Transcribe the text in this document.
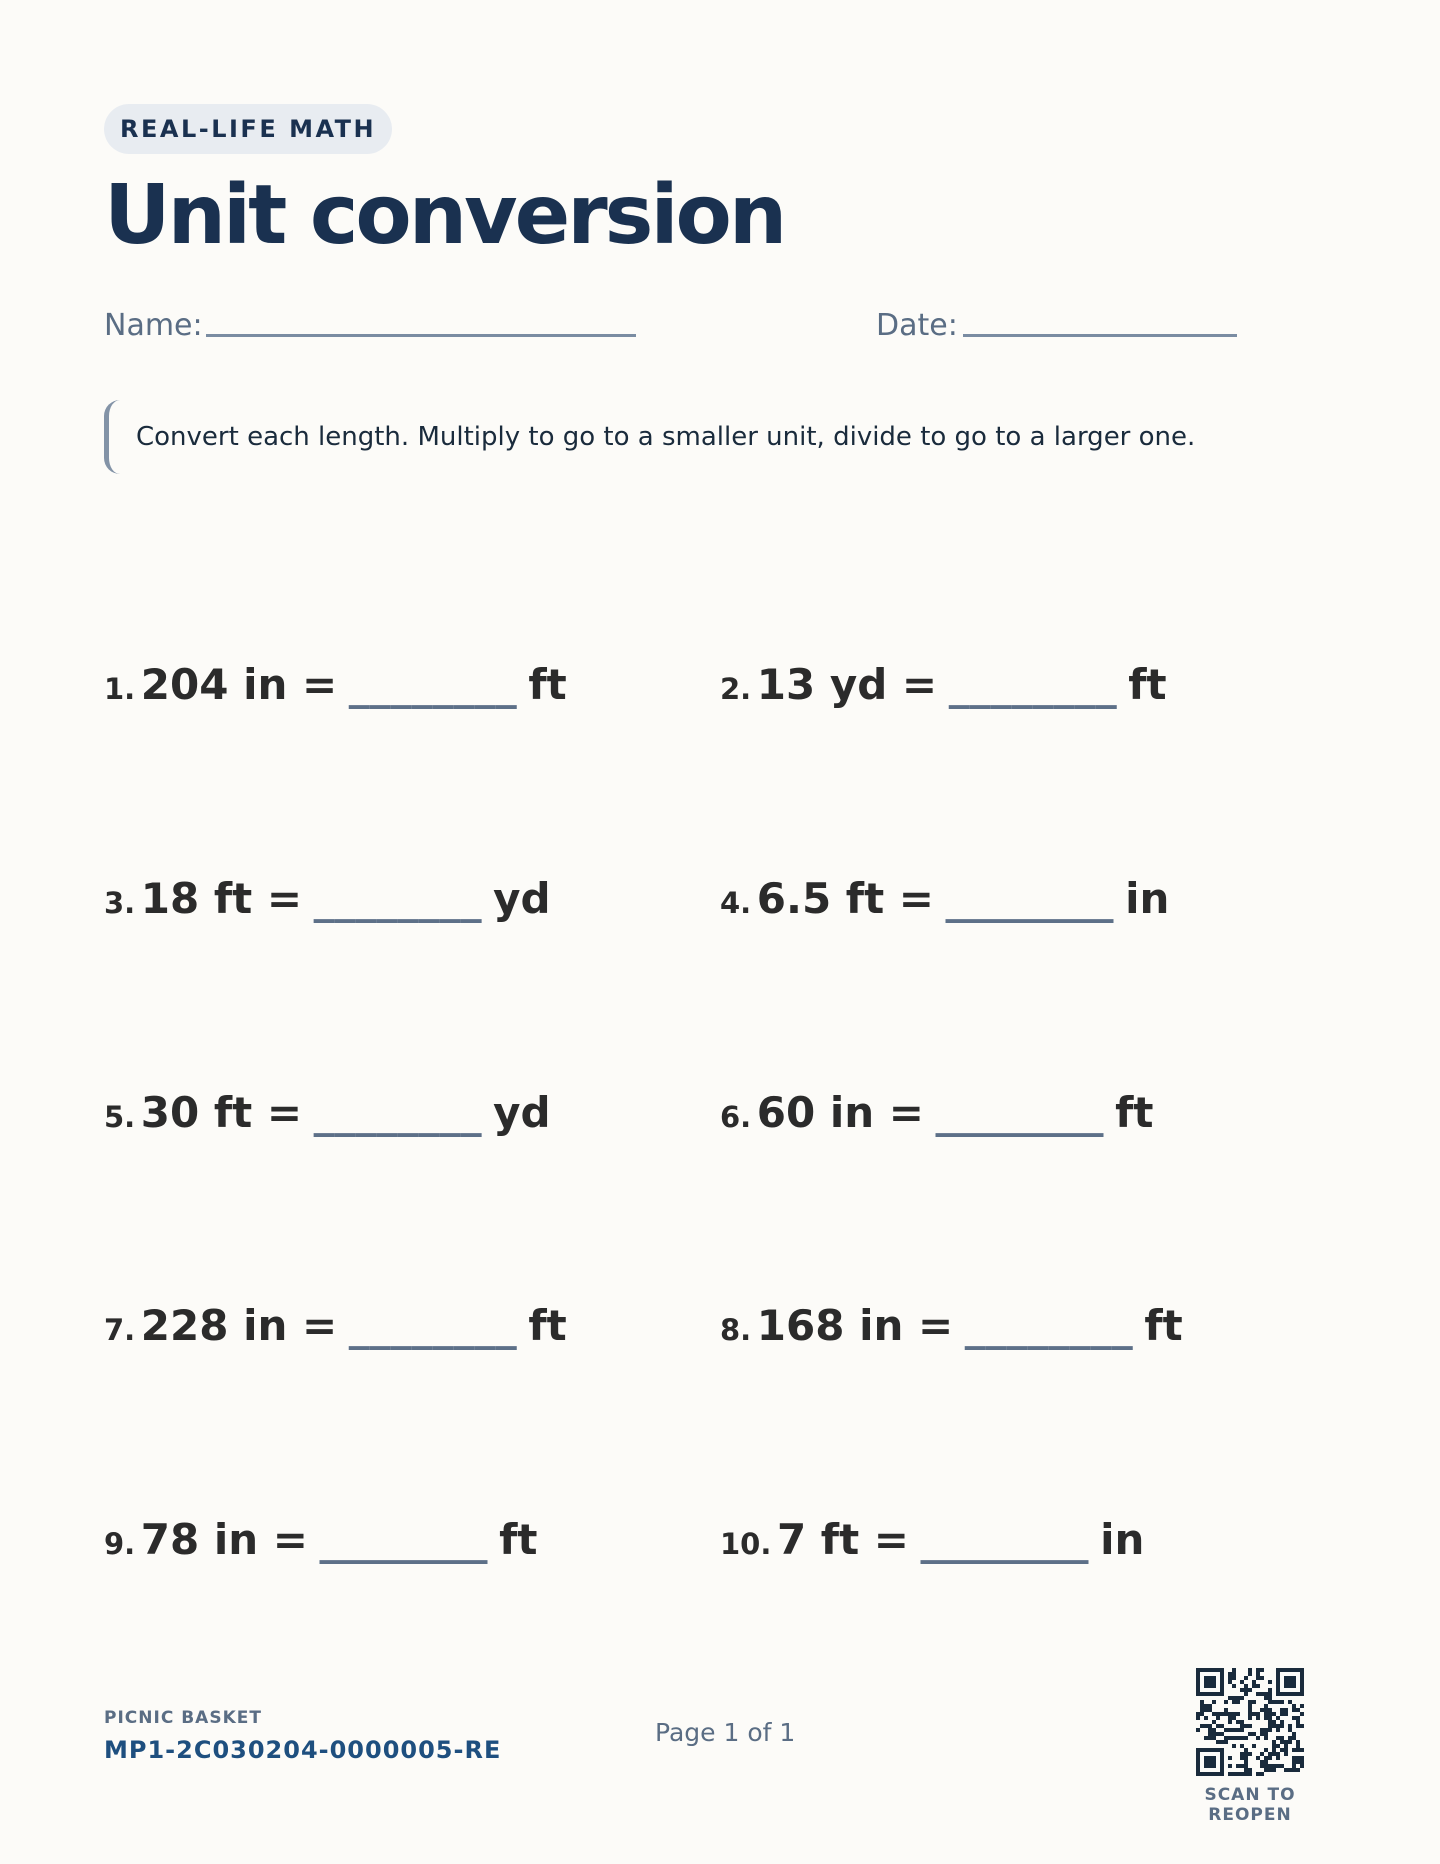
REAL-LIFE MATH
Unit conversion
Name:	Date:
Convert each length. Multiply to go to a smaller unit, divide to go to a larger one.
1. 204 in = ________ ft	2. 13 yd = ________ ft
3. 18 ft = ________ yd	4. 6.5 ft = ________ in
5. 30 ft = ________ yd	6. 60 in = ________ ft
7. 228 in = ________ ft	8. 168 in = ________ ft
9. 78 in = ________ ft	10. 7 ft = ________ in
PICNIC BASKET
MP1-2C030204-0000005-RE
Page 1 of 1
SCAN TO REOPEN
